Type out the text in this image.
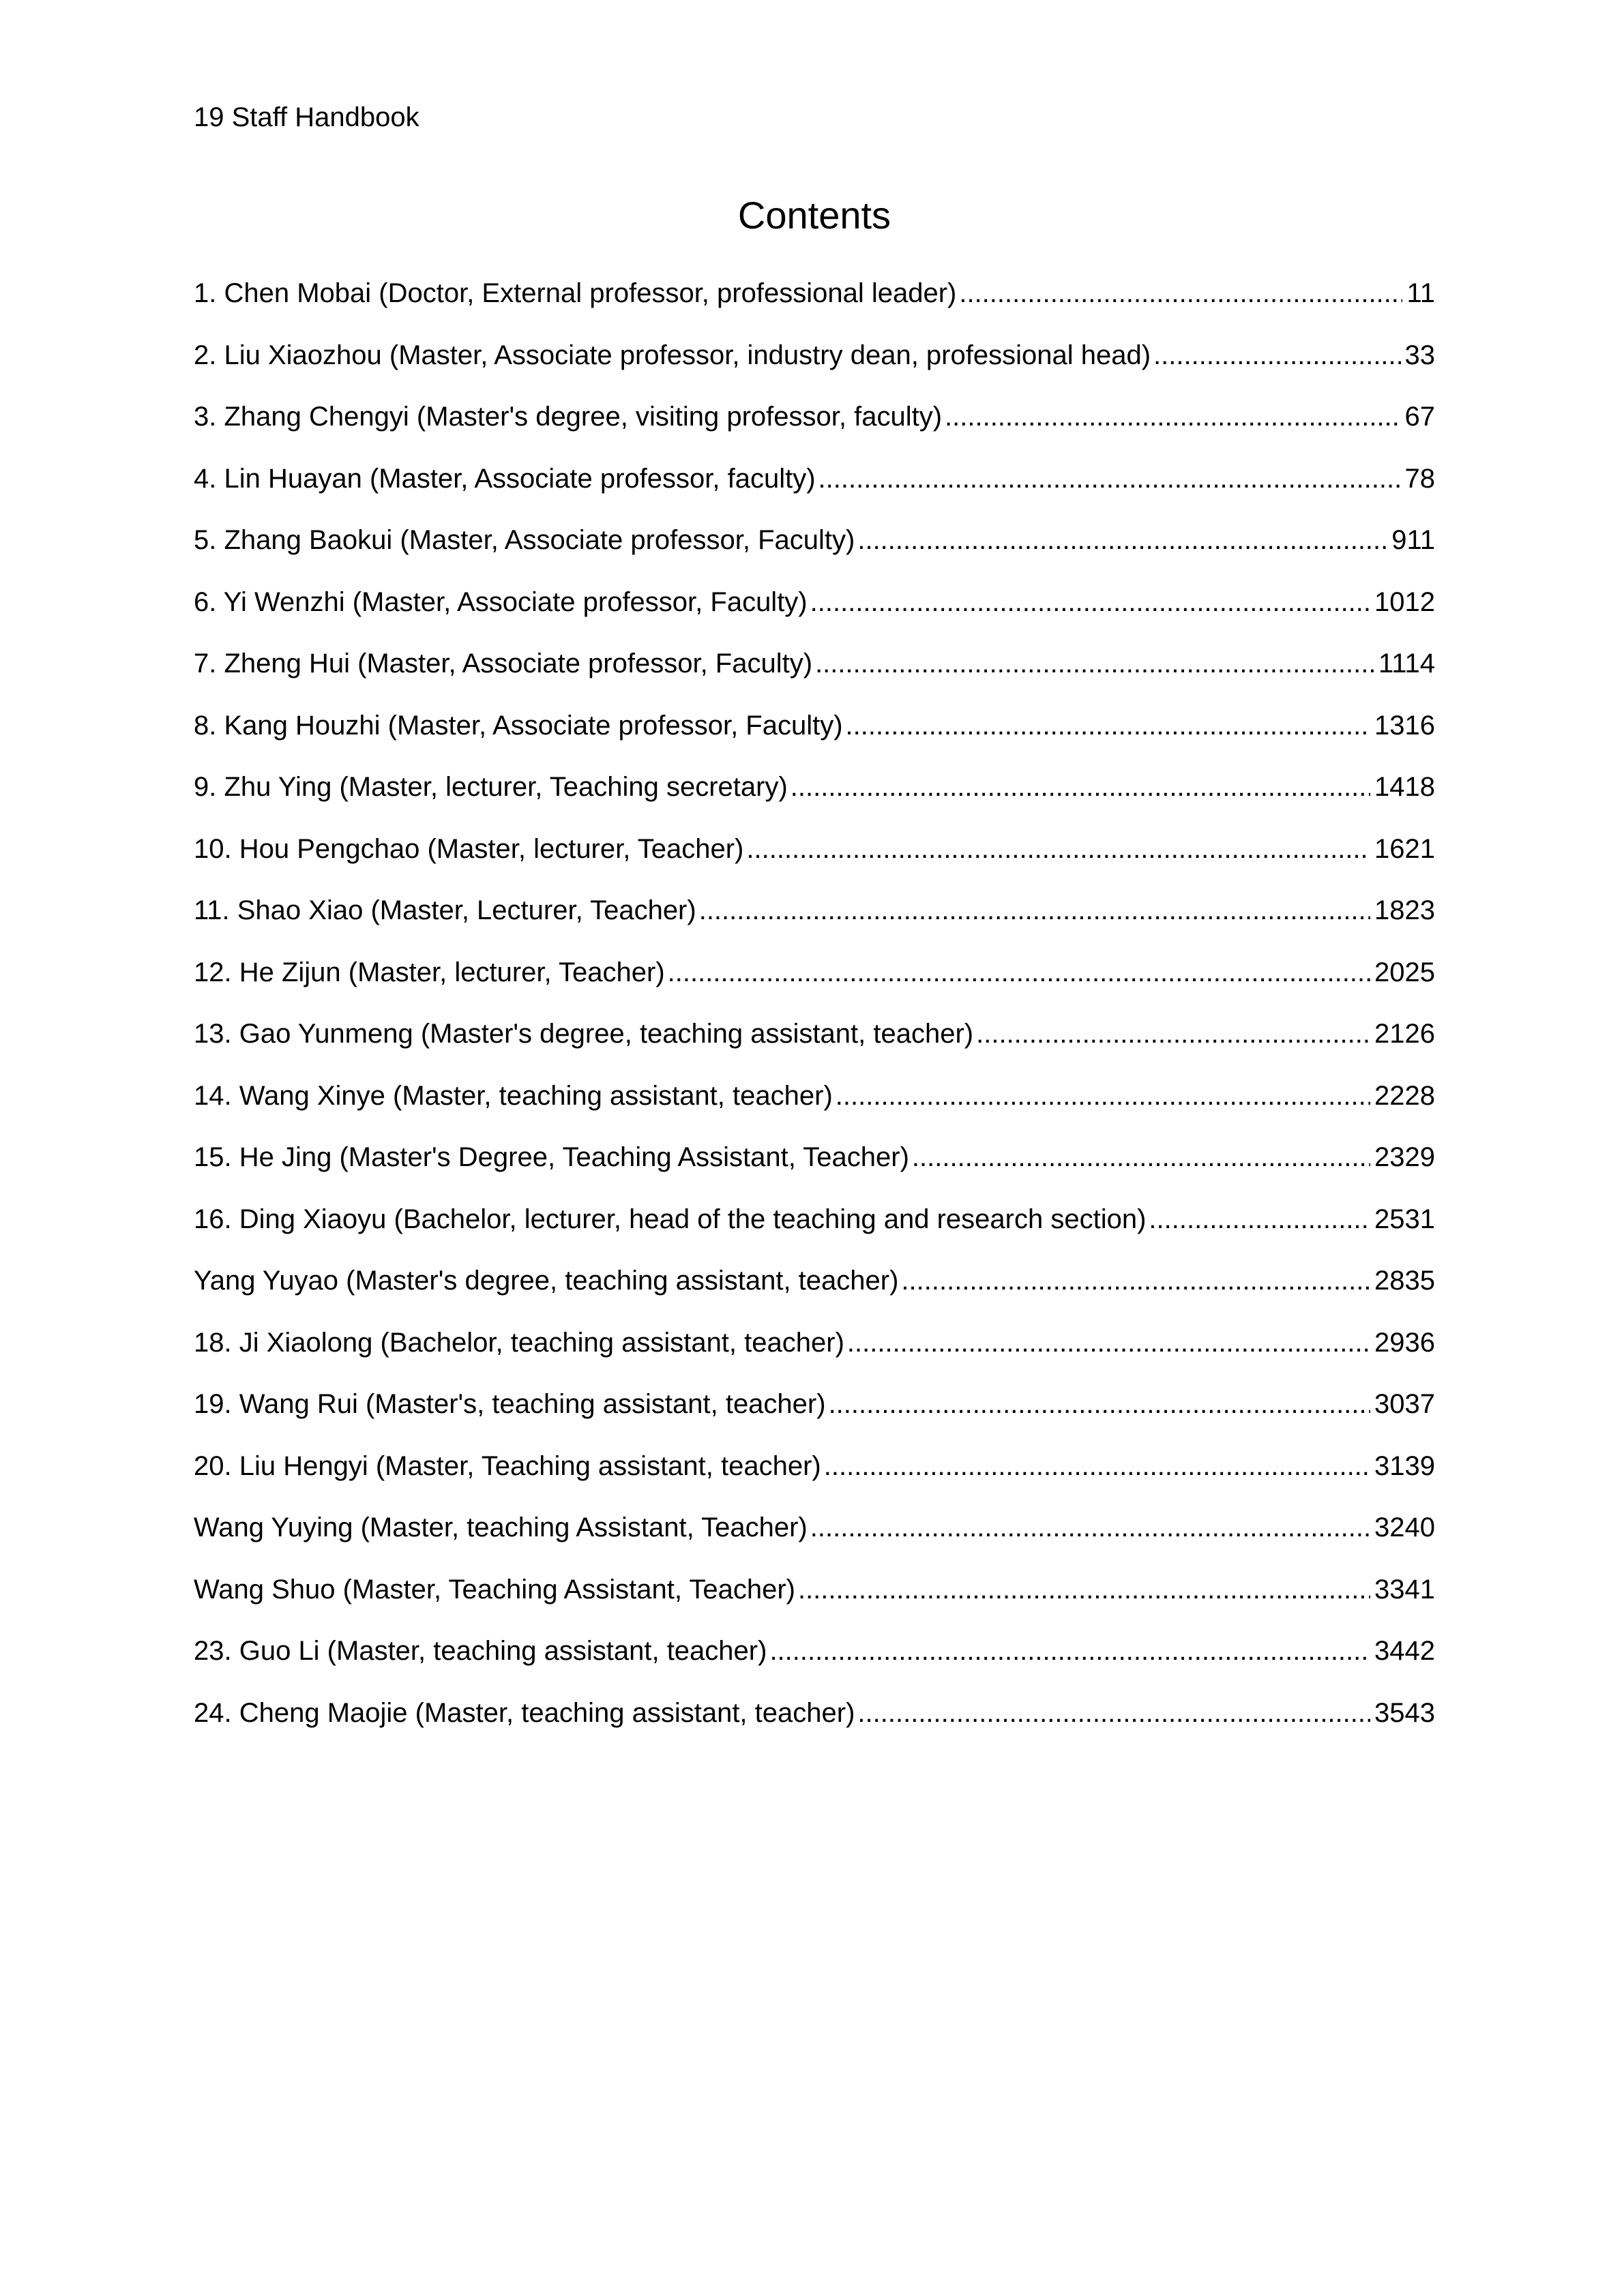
19 Staff Handbook
Contents
1. Chen Mobai (Doctor, External professor, professional leader) .....	11
2. Liu Xiaozhou (Master, Associate professor, industry dean, professional head) .....	33
3. Zhang Chengyi (Master's degree, visiting professor, faculty) .....	67
4. Lin Huayan (Master, Associate professor, faculty) .....	78
5. Zhang Baokui (Master, Associate professor, Faculty) .....	911
6. Yi Wenzhi (Master, Associate professor, Faculty) .....	1012
7. Zheng Hui (Master, Associate professor, Faculty) .....	1114
8. Kang Houzhi (Master, Associate professor, Faculty) .....	1316
9. Zhu Ying (Master, lecturer, Teaching secretary) .....	1418
10. Hou Pengchao (Master, lecturer, Teacher) .....	1621
11. Shao Xiao (Master, Lecturer, Teacher) .....	1823
12. He Zijun (Master, lecturer, Teacher) .....	2025
13. Gao Yunmeng (Master's degree, teaching assistant, teacher) .....	2126
14. Wang Xinye (Master, teaching assistant, teacher) .....	2228
15. He Jing (Master's Degree, Teaching Assistant, Teacher) .....	2329
16. Ding Xiaoyu (Bachelor, lecturer, head of the teaching and research section) .....	2531
Yang Yuyao (Master's degree, teaching assistant, teacher) .....	2835
18. Ji Xiaolong (Bachelor, teaching assistant, teacher) .....	2936
19. Wang Rui (Master's, teaching assistant, teacher) .....	3037
20. Liu Hengyi (Master, Teaching assistant, teacher) .....	3139
Wang Yuying (Master, teaching Assistant, Teacher) .....	3240
Wang Shuo (Master, Teaching Assistant, Teacher) .....	3341
23. Guo Li (Master, teaching assistant, teacher) .....	3442
24. Cheng Maojie (Master, teaching assistant, teacher) .....	3543
